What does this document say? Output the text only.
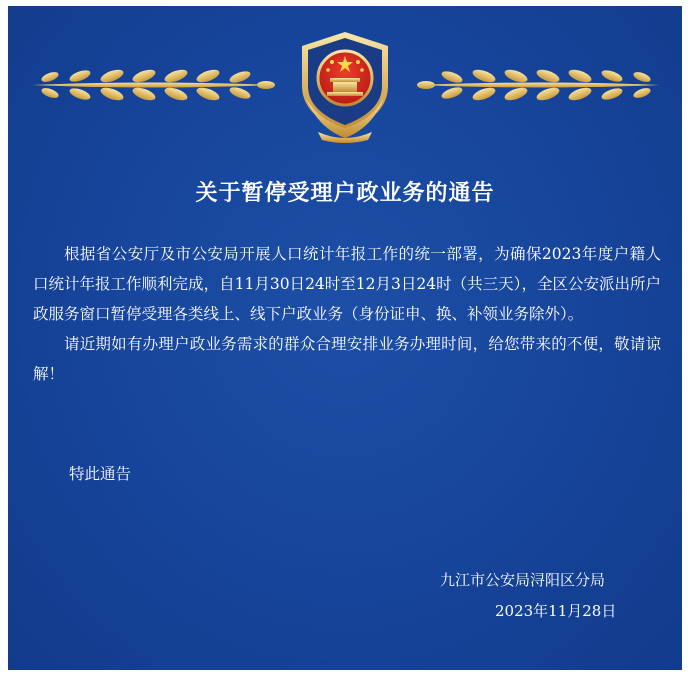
关于暂停受理户政业务的通告

根据省公安厅及市公安局开展人口统计年报工作的统一部署，为确保2023年度户籍人口统计年报工作顺利完成，自11月30日24时至12月3日24时（共三天），全区公安派出所户政服务窗口暂停受理各类线上、线下户政业务（身份证申、换、补领业务除外）。

请近期如有办理户政业务需求的群众合理安排业务办理时间，给您带来的不便，敬请谅解！

特此通告
九江市公安局浔阳区分局
2023年11月28日
